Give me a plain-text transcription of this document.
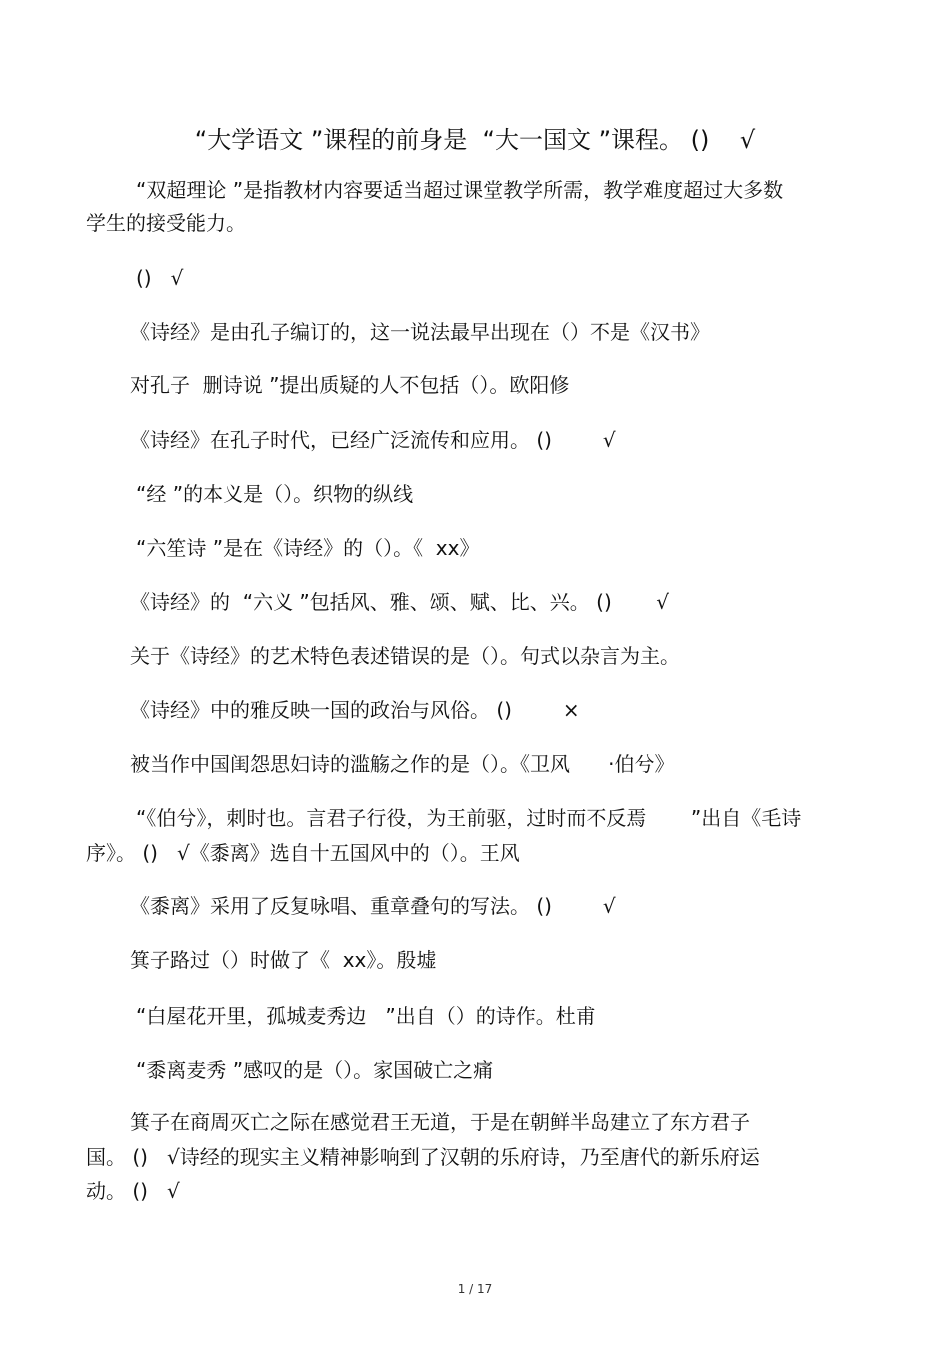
“大学语文 ”课程的前身是  “大一国文 ”课程。 ()    √
“双超理论 ”是指教材内容要适当超过课堂教学所需，教学难度超过大多数
学生的接受能力。
()   √
《诗经》是由孔子编订的，这一说法最早出现在（）不是《汉书》
对孔子  删诗说 ”提出质疑的人不包括（）。欧阳修
《诗经》在孔子时代，已经广泛流传和应用。 ()        √
“经 ”的本义是（）。织物的纵线
“六笙诗 ”是在《诗经》的（）。《  xx》
《诗经》的  “六义 ”包括风、雅、颂、赋、比、兴。 ()       √
关于《诗经》的艺术特色表述错误的是（）。句式以杂言为主。
《诗经》中的雅反映一国的政治与风俗。 ()        ×
被当作中国闺怨思妇诗的滥觞之作的是（）。《卫风      ·伯兮》
“《伯兮》，刺时也。言君子行役，为王前驱，过时而不反焉       ”出自《毛诗
序》。 ()   √《黍离》选自十五国风中的（）。王风
《黍离》采用了反复咏唱、重章叠句的写法。 ()        √
箕子路过（）时做了《  xx》。殷墟
“白屋花开里，孤城麦秀边   ”出自（）的诗作。杜甫
“黍离麦秀 ”感叹的是（）。家国破亡之痛
箕子在商周灭亡之际在感觉君王无道，于是在朝鲜半岛建立了东方君子
国。 ()   √诗经的现实主义精神影响到了汉朝的乐府诗，乃至唐代的新乐府运
动。 ()   √
1 / 17
